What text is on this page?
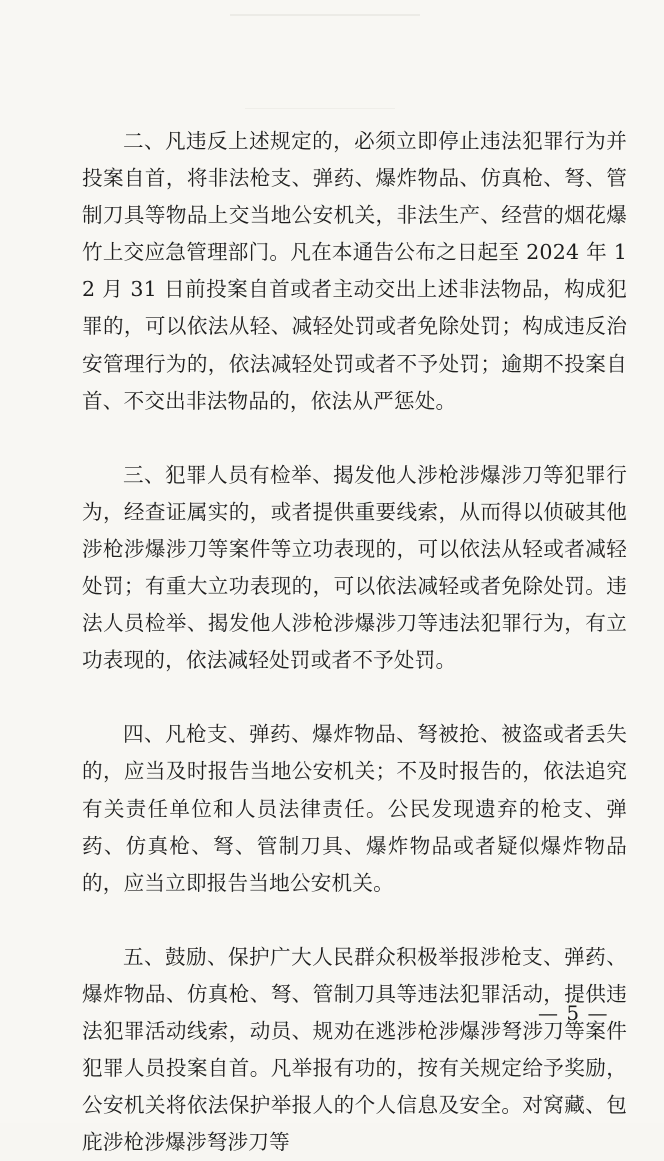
二、凡违反上述规定的，必须立即停止违法犯罪行为并投案自首，将非法枪支、弹药、爆炸物品、仿真枪、弩、管制刀具等物品上交当地公安机关，非法生产、经营的烟花爆竹上交应急管理部门。凡在本通告公布之日起至 2024 年 12 月 31 日前投案自首或者主动交出上述非法物品，构成犯罪的，可以依法从轻、减轻处罚或者免除处罚；构成违反治安管理行为的，依法减轻处罚或者不予处罚；逾期不投案自首、不交出非法物品的，依法从严惩处。

三、犯罪人员有检举、揭发他人涉枪涉爆涉刀等犯罪行为，经查证属实的，或者提供重要线索，从而得以侦破其他涉枪涉爆涉刀等案件等立功表现的，可以依法从轻或者减轻处罚；有重大立功表现的，可以依法减轻或者免除处罚。违法人员检举、揭发他人涉枪涉爆涉刀等违法犯罪行为，有立功表现的，依法减轻处罚或者不予处罚。

四、凡枪支、弹药、爆炸物品、弩被抢、被盗或者丢失的，应当及时报告当地公安机关；不及时报告的，依法追究有关责任单位和人员法律责任。公民发现遗弃的枪支、弹药、仿真枪、弩、管制刀具、爆炸物品或者疑似爆炸物品的，应当立即报告当地公安机关。

五、鼓励、保护广大人民群众积极举报涉枪支、弹药、爆炸物品、仿真枪、弩、管制刀具等违法犯罪活动，提供违法犯罪活动线索，动员、规劝在逃涉枪涉爆涉弩涉刀等案件犯罪人员投案自首。凡举报有功的，按有关规定给予奖励，公安机关将依法保护举报人的个人信息及安全。对窝藏、包庇涉枪涉爆涉弩涉刀等

— 5 —
